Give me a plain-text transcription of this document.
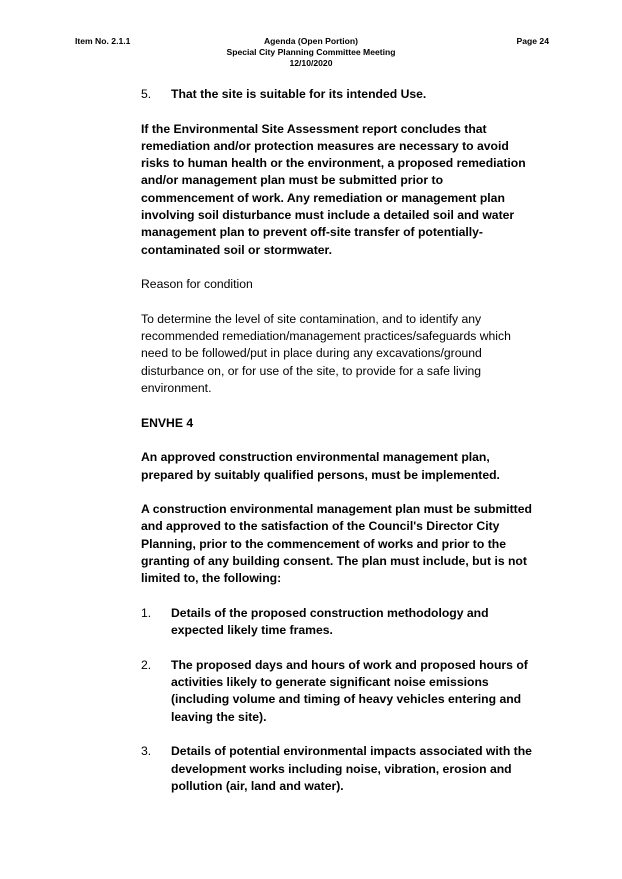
Item No. 2.1.1	Agenda (Open Portion)
Special City Planning Committee Meeting
12/10/2020
Page 24
5.	That the site is suitable for its intended Use.

If the Environmental Site Assessment report concludes that remediation and/or protection measures are necessary to avoid risks to human health or the environment, a proposed remediation and/or management plan must be submitted prior to commencement of work. Any remediation or management plan involving soil disturbance must include a detailed soil and water management plan to prevent off-site transfer of potentially-contaminated soil or stormwater.

Reason for condition

To determine the level of site contamination, and to identify any recommended remediation/management practices/safeguards which need to be followed/put in place during any excavations/ground disturbance on, or for use of the site, to provide for a safe living environment.

ENVHE 4

An approved construction environmental management plan, prepared by suitably qualified persons, must be implemented.

A construction environmental management plan must be submitted and approved to the satisfaction of the Council's Director City Planning, prior to the commencement of works and prior to the granting of any building consent. The plan must include, but is not limited to, the following:

1.	Details of the proposed construction methodology and expected likely time frames.
2.	The proposed days and hours of work and proposed hours of activities likely to generate significant noise emissions (including volume and timing of heavy vehicles entering and leaving the site).
3.	Details of potential environmental impacts associated with the development works including noise, vibration, erosion and pollution (air, land and water).
